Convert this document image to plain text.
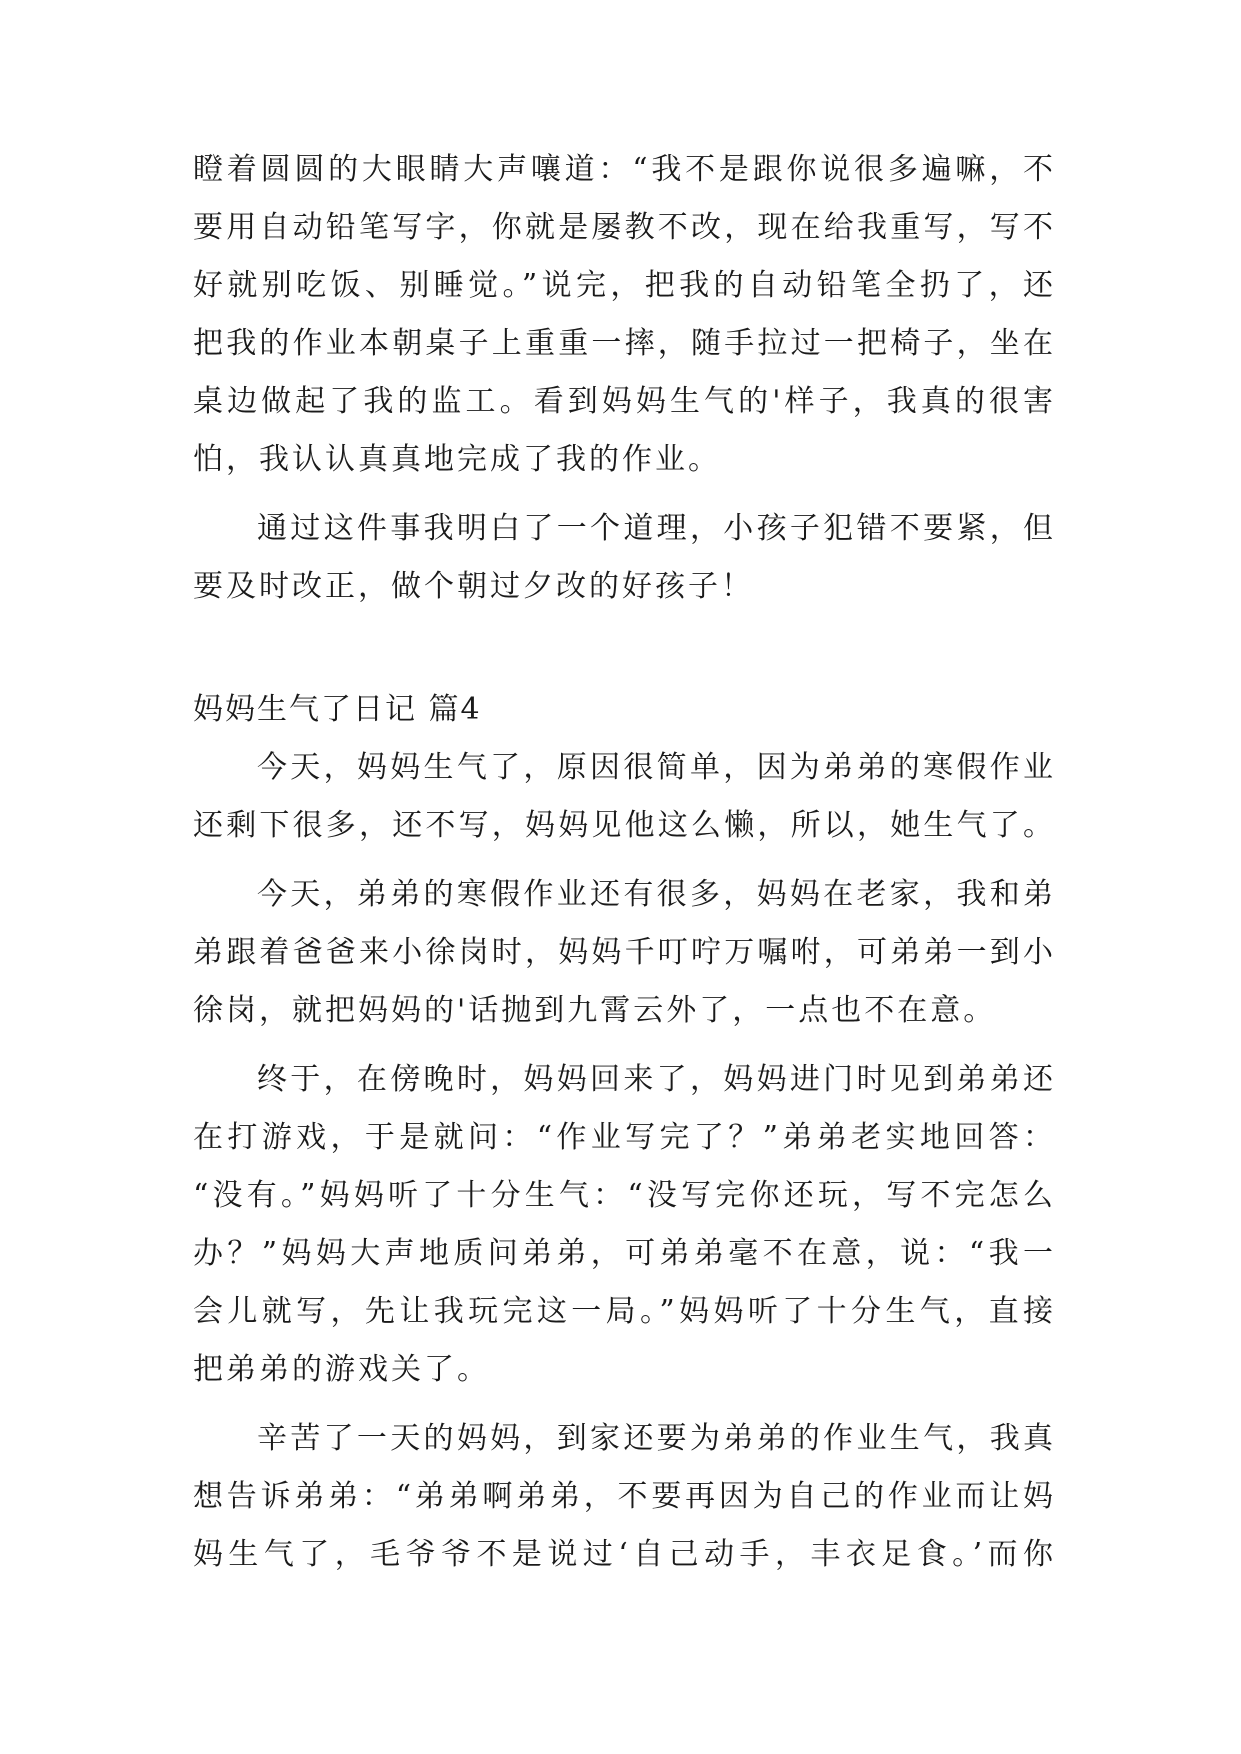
瞪着圆圆的大眼睛大声嚷道：“我不是跟你说很多遍嘛，不
要用自动铅笔写字，你就是屡教不改，现在给我重写，写不
好就别吃饭、别睡觉。”说完，把我的自动铅笔全扔了，还
把我的作业本朝桌子上重重一摔，随手拉过一把椅子，坐在
桌边做起了我的监工。看到妈妈生气的'样子，我真的很害
怕，我认认真真地完成了我的作业。
通过这件事我明白了一个道理，小孩子犯错不要紧，但
要及时改正，做个朝过夕改的好孩子！
妈妈生气了日记 篇4
今天，妈妈生气了，原因很简单，因为弟弟的寒假作业
还剩下很多，还不写，妈妈见他这么懒，所以，她生气了。
今天，弟弟的寒假作业还有很多，妈妈在老家，我和弟
弟跟着爸爸来小徐岗时，妈妈千叮咛万嘱咐，可弟弟一到小
徐岗，就把妈妈的'话抛到九霄云外了，一点也不在意。
终于，在傍晚时，妈妈回来了，妈妈进门时见到弟弟还
在打游戏，于是就问：“作业写完了？”弟弟老实地回答：
“没有。”妈妈听了十分生气：“没写完你还玩，写不完怎么
办？”妈妈大声地质问弟弟，可弟弟毫不在意，说：“我一
会儿就写，先让我玩完这一局。”妈妈听了十分生气，直接
把弟弟的游戏关了。
辛苦了一天的妈妈，到家还要为弟弟的作业生气，我真
想告诉弟弟：“弟弟啊弟弟，不要再因为自己的作业而让妈
妈生气了，毛爷爷不是说过‘自己动手，丰衣足食。’而你
